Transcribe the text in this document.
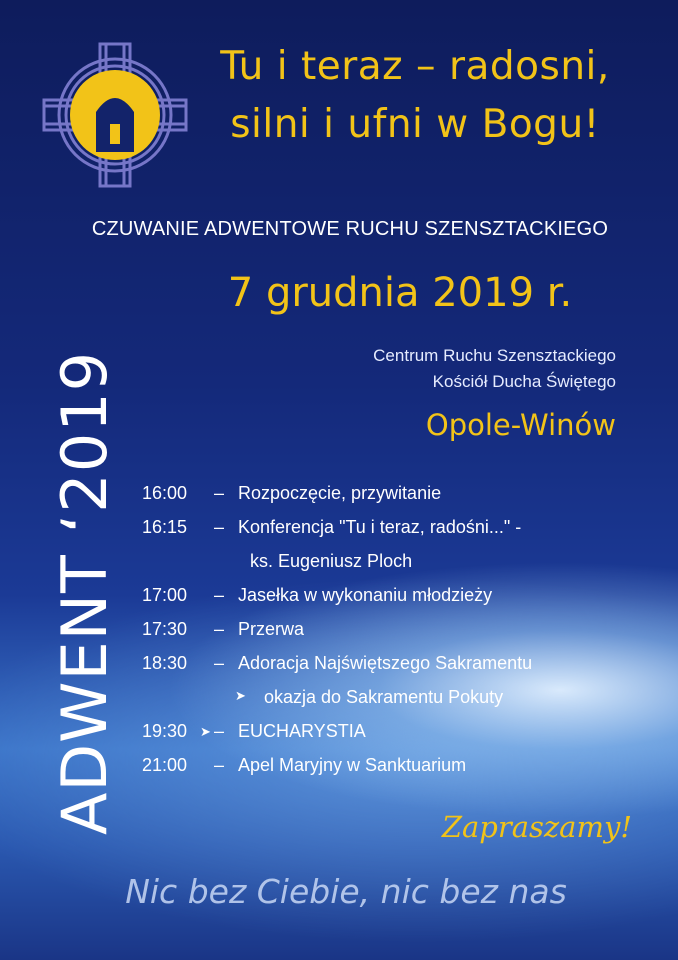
Tu i teraz – radosni,
silni i ufni w Bogu!
CZUWANIE ADWENTOWE RUCHU SZENSZTACKIEGO
7 grudnia 2019 r.
Centrum Ruchu Szensztackiego
Kościół Ducha Świętego
Opole-Winów
ADWENT ‘2019 16:00 – Rozpoczęcie, przywitanie
16:15 – Konferencja "Tu i teraz, radośni..." -
ks. Eugeniusz Ploch
17:00 – Jasełka w wykonaniu młodzieży
17:30 – Przerwa
18:30 – Adoracja Najświętszego Sakramentu
➤ okazja do Sakramentu Pokuty
19:30 ➤ – EUCHARYSTIA
21:00 – Apel Maryjny w Sanktuarium
Zapraszamy!
Nic bez Ciebie, nic bez nas
